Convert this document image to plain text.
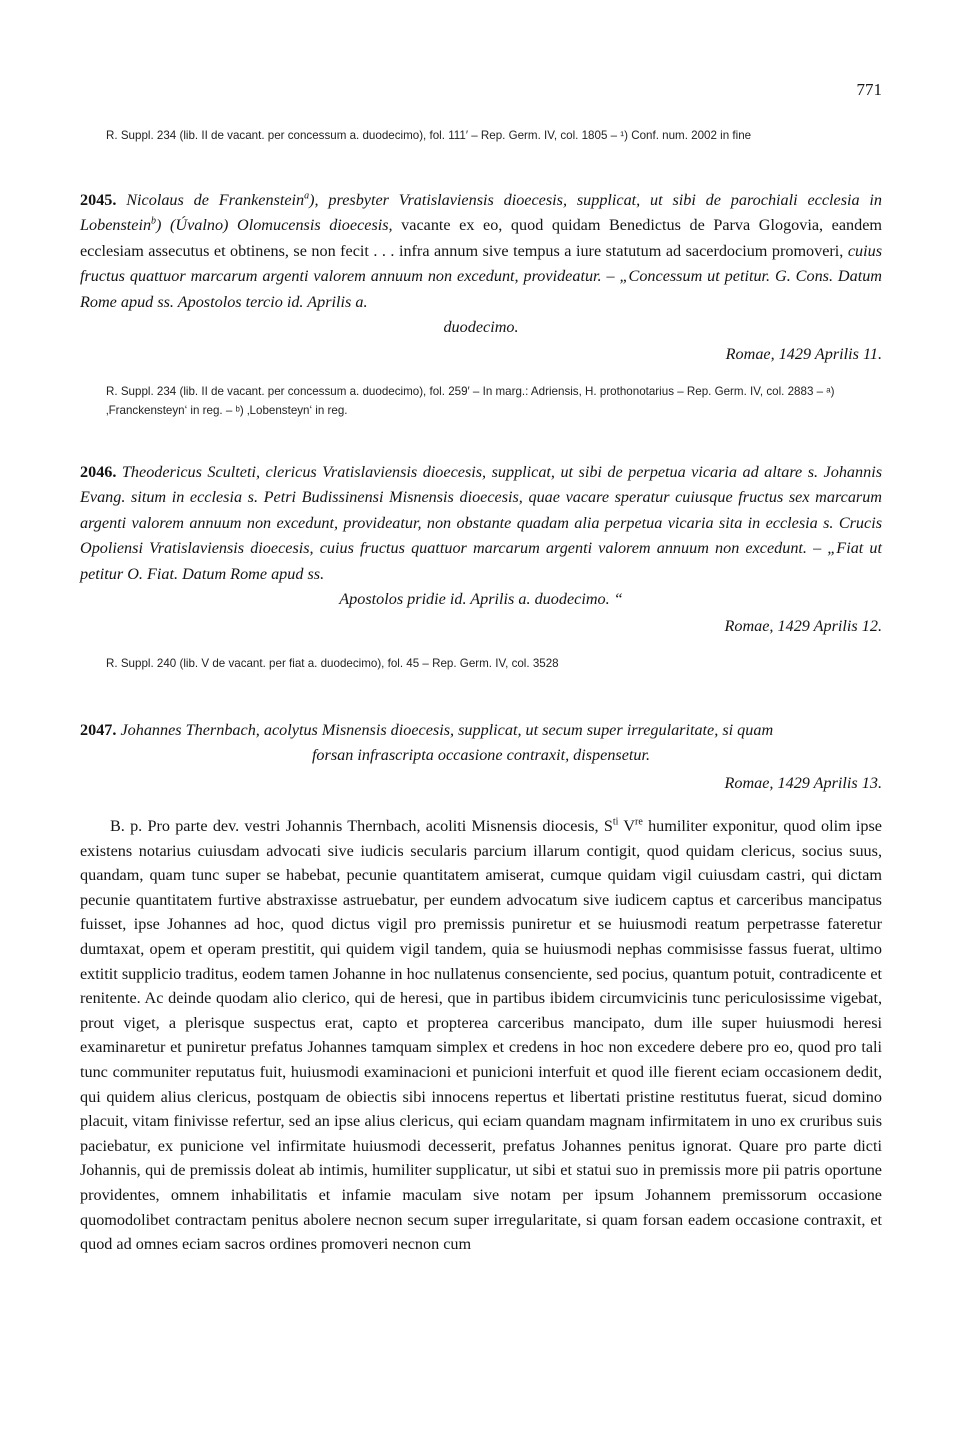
771
R. Suppl. 234 (lib. II de vacant. per concessum a. duodecimo), fol. 111′ – Rep. Germ. IV, col. 1805 – ¹) Conf. num. 2002 in fine
2045. Nicolaus de Frankenstein$^a$), presbyter Vratislaviensis dioecesis, supplicat, ut sibi de parochiali ecclesia in Lobenstein$^b$) (Úvalno) Olomucensis dioecesis, vacante ex eo, quod quidam Benedictus de Parva Glogovia, eandem ecclesiam assecutus et obtinens, se non fecit . . . infra annum sive tempus a iure statutum ad sacerdocium promoveri, cuius fructus quattuor marcarum argenti valorem annuum non excedunt, provideatur. – „Concessum ut petitur. G. Cons. Datum Rome apud ss. Apostolos tercio id. Aprilis a.
duodecimo.
Romae, 1429 Aprilis 11.
R. Suppl. 234 (lib. II de vacant. per concessum a. duodecimo), fol. 259′ – In marg.: Adriensis, H. prothonotarius – Rep. Germ. IV, col. 2883 – ᵃ) ‚Franckensteyn‘ in reg. – ᵇ) ‚Lobensteyn‘ in reg.
2046. Theodericus Sculteti, clericus Vratislaviensis dioecesis, supplicat, ut sibi de perpetua vicaria ad altare s. Johannis Evang. situm in ecclesia s. Petri Budissinensi Misnensis dioecesis, quae vacare speratur cuiusque fructus sex marcarum argenti valorem annuum non excedunt, provideatur, non obstante quadam alia perpetua vicaria sita in ecclesia s. Crucis Opoliensi Vratislaviensis dioecesis, cuius fructus quattuor marcarum argenti valorem annuum non excedunt. – „Fiat ut petitur O. Fiat. Datum Rome apud ss.
Apostolos pridie id. Aprilis a. duodecimo. “
Romae, 1429 Aprilis 12.
R. Suppl. 240 (lib. V de vacant. per fiat a. duodecimo), fol. 45 – Rep. Germ. IV, col. 3528
2047. Johannes Thernbach, acolytus Misnensis dioecesis, supplicat, ut secum super irregularitate, si quam
forsan infrascripta occasione contraxit, dispensetur.
Romae, 1429 Aprilis 13.
B. p. Pro parte dev. vestri Johannis Thernbach, acoliti Misnensis diocesis, $S^{ti}$ Vre humiliter exponitur, quod olim ipse existens notarius cuiusdam advocati sive iudicis secularis parcium illarum contigit, quod quidam clericus, socius suus, quandam, quam tunc super se habebat, pecunie quantitatem amiserat, cumque quidam vigil cuiusdam castri, qui dictam pecunie quantitatem furtive abstraxisse astruebatur, per eundem advocatum sive iudicem captus et carceribus mancipatus fuisset, ipse Johannes ad hoc, quod dictus vigil pro premissis puniretur et se huiusmodi reatum perpetrasse fateretur dumtaxat, opem et operam prestitit, qui quidem vigil tandem, quia se huiusmodi nephas commisisse fassus fuerat, ultimo extitit supplicio traditus, eodem tamen Johanne in hoc nullatenus consenciente, sed pocius, quantum potuit, contradicente et renitente. Ac deinde quodam alio clerico, qui de heresi, que in partibus ibidem circumvicinis tunc periculosissime vigebat, prout viget, a plerisque suspectus erat, capto et propterea carceribus mancipato, dum ille super huiusmodi heresi examinaretur et puniretur prefatus Johannes tamquam simplex et credens in hoc non excedere debere pro eo, quod pro tali tunc communiter reputatus fuit, huiusmodi examinacioni et punicioni interfuit et quod ille fierent eciam occasionem dedit, qui quidem alius clericus, postquam de obiectis sibi innocens repertus et libertati pristine restitutus fuerat, sicud domino placuit, vitam finivisse refertur, sed an ipse alius clericus, qui eciam quandam magnam infirmitatem in uno ex cruribus suis paciebatur, ex punicione vel infirmitate huiusmodi decesserit, prefatus Johannes penitus ignorat. Quare pro parte dicti Johannis, qui de premissis doleat ab intimis, humiliter supplicatur, ut sibi et statui suo in premissis more pii patris oportune providentes, omnem inhabilitatis et infamie maculam sive notam per ipsum Johannem premissorum occasione quomodolibet contractam penitus abolere necnon secum super irregularitate, si quam forsan eadem occasione contraxit, et quod ad omnes eciam sacros ordines promoveri necnon cum
